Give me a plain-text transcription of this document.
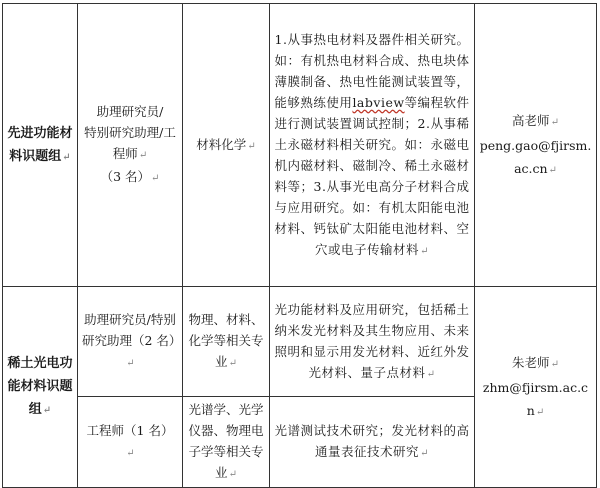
先进功能材料识题组↵	助理研究员/
特别研究助理/工程师↵
（3 名）↵	材料化学↵	1.从事热电材料及器件相关研究。如：有机热电材料合成、热电块体薄膜制备、热电性能测试装置等，能够熟练使用labview等编程软件进行测试装置调试控制；2.从事稀土永磁材料相关研究。如：永磁电机内磁材料、磁制冷、稀土永磁材料等；3.从事光电高分子材料合成与应用研究。如：有机太阳能电池材料、钙钛矿太阳能电池材料、空穴或电子传输材料↵	高老师↵
peng.gao@fjirsm.ac.cn↵

稀土光电功能材料识题组↵	助理研究员/特别研究助理（2 名）↵	物理、材料、化学等相关专业↵	光功能材料及应用研究，包括稀土纳米发光材料及其生物应用、未来照明和显示用发光材料、近红外发光材料、量子点材料↵	朱老师↵
zhm@fjirsm.ac.cn↵

	工程师（1 名）↵	光谱学、光学仪器、物理电子学等相关专业↵	光谱测试技术研究；发光材料的高通量表征技术研究↵	
